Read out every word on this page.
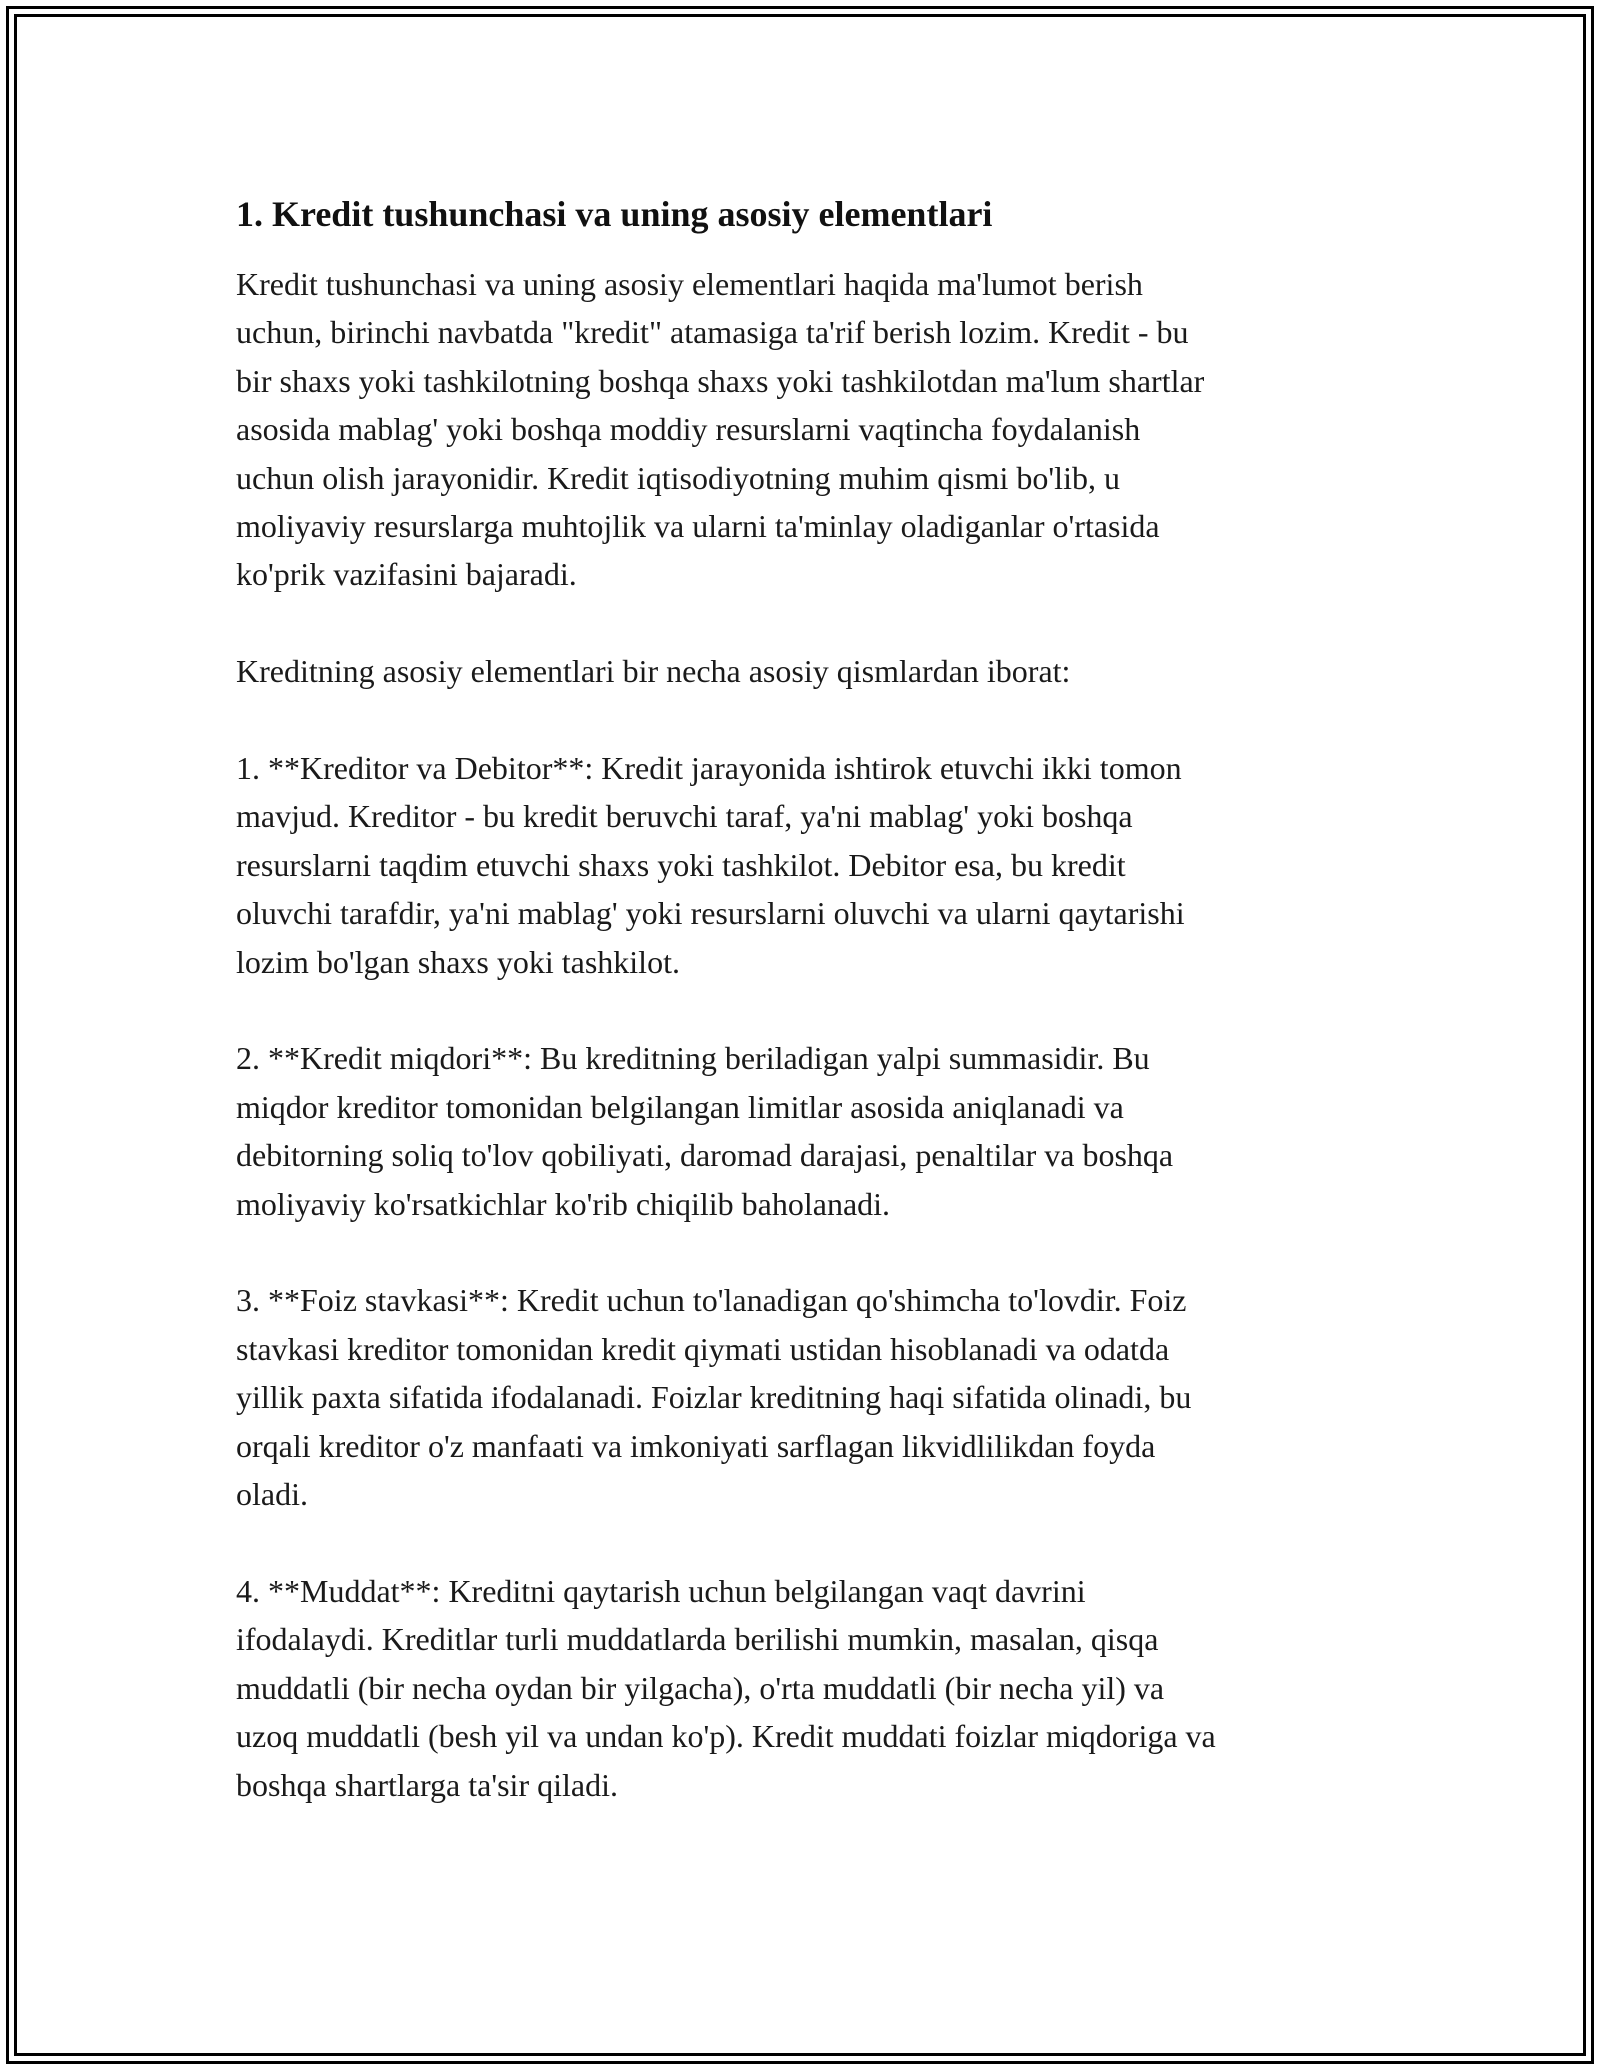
1. Kredit tushunchasi va uning asosiy elementlari

Kredit tushunchasi va uning asosiy elementlari haqida ma'lumot berish
uchun, birinchi navbatda "kredit" atamasiga ta'rif berish lozim. Kredit - bu
bir shaxs yoki tashkilotning boshqa shaxs yoki tashkilotdan ma'lum shartlar
asosida mablag' yoki boshqa moddiy resurslarni vaqtincha foydalanish
uchun olish jarayonidir. Kredit iqtisodiyotning muhim qismi bo'lib, u
moliyaviy resurslarga muhtojlik va ularni ta'minlay oladiganlar o'rtasida
ko'prik vazifasini bajaradi.

Kreditning asosiy elementlari bir necha asosiy qismlardan iborat:

1. **Kreditor va Debitor**: Kredit jarayonida ishtirok etuvchi ikki tomon
mavjud. Kreditor - bu kredit beruvchi taraf, ya'ni mablag' yoki boshqa
resurslarni taqdim etuvchi shaxs yoki tashkilot. Debitor esa, bu kredit
oluvchi tarafdir, ya'ni mablag' yoki resurslarni oluvchi va ularni qaytarishi
lozim bo'lgan shaxs yoki tashkilot.

2. **Kredit miqdori**: Bu kreditning beriladigan yalpi summasidir. Bu
miqdor kreditor tomonidan belgilangan limitlar asosida aniqlanadi va
debitorning soliq to'lov qobiliyati, daromad darajasi, penaltilar va boshqa
moliyaviy ko'rsatkichlar ko'rib chiqilib baholanadi.

3. **Foiz stavkasi**: Kredit uchun to'lanadigan qo'shimcha to'lovdir. Foiz
stavkasi kreditor tomonidan kredit qiymati ustidan hisoblanadi va odatda
yillik paxta sifatida ifodalanadi. Foizlar kreditning haqi sifatida olinadi, bu
orqali kreditor o'z manfaati va imkoniyati sarflagan likvidlilikdan foyda
oladi.

4. **Muddat**: Kreditni qaytarish uchun belgilangan vaqt davrini
ifodalaydi. Kreditlar turli muddatlarda berilishi mumkin, masalan, qisqa
muddatli (bir necha oydan bir yilgacha), o'rta muddatli (bir necha yil) va
uzoq muddatli (besh yil va undan ko'p). Kredit muddati foizlar miqdoriga va
boshqa shartlarga ta'sir qiladi.
